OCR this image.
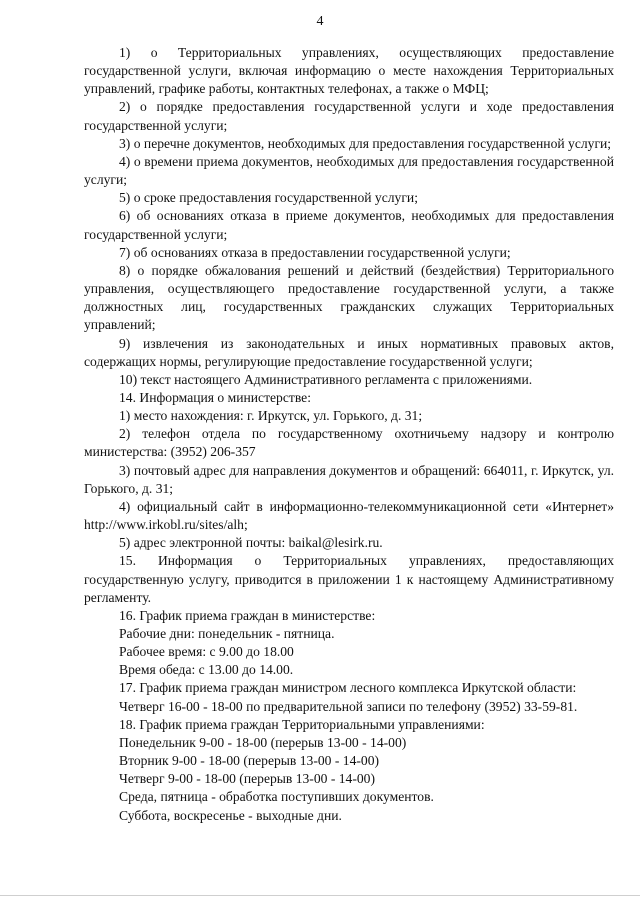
4

1) о Территориальных управлениях, осуществляющих предоставление государственной услуги, включая информацию о месте нахождения Территориальных управлений, графике работы, контактных телефонах, а также о МФЦ;

2) о порядке предоставления государственной услуги и ходе предоставления государственной услуги;

3) о перечне документов, необходимых для предоставления государственной услуги;

4) о времени приема документов, необходимых для предоставления государственной услуги;

5) о сроке предоставления государственной услуги;

6) об основаниях отказа в приеме документов, необходимых для предоставления государственной услуги;

7) об основаниях отказа в предоставлении государственной услуги;

8) о порядке обжалования решений и действий (бездействия) Территориального управления, осуществляющего предоставление государственной услуги, а также должностных лиц, государственных гражданских служащих Территориальных управлений;

9) извлечения из законодательных и иных нормативных правовых актов, содержащих нормы, регулирующие предоставление государственной услуги;

10) текст настоящего Административного регламента с приложениями.

14. Информация о министерстве:

1) место нахождения: г. Иркутск, ул. Горького, д. 31;

2) телефон отдела по государственному охотничьему надзору и контролю министерства: (3952) 206-357

3) почтовый адрес для направления документов и обращений: 664011, г. Иркутск, ул. Горького, д. 31;

4) официальный сайт в информационно-телекоммуникационной сети «Интернет» http://www.irkobl.ru/sites/alh;

5) адрес электронной почты: baikal@lesirk.ru.

15. Информация о Территориальных управлениях, предоставляющих государственную услугу, приводится в приложении 1 к настоящему Административному регламенту.

16. График приема граждан в министерстве:

Рабочие дни: понедельник - пятница.

Рабочее время: с 9.00 до 18.00

Время обеда: с 13.00 до 14.00.

17. График приема граждан министром лесного комплекса Иркутской области:

Четверг 16-00 - 18-00 по предварительной записи по телефону (3952) 33-59-81.

18. График приема граждан Территориальными управлениями:

Понедельник 9-00 - 18-00 (перерыв 13-00 - 14-00)

Вторник 9-00 - 18-00 (перерыв 13-00 - 14-00)

Четверг 9-00 - 18-00 (перерыв 13-00 - 14-00)

Среда, пятница - обработка поступивших документов.

Суббота, воскресенье - выходные дни.
